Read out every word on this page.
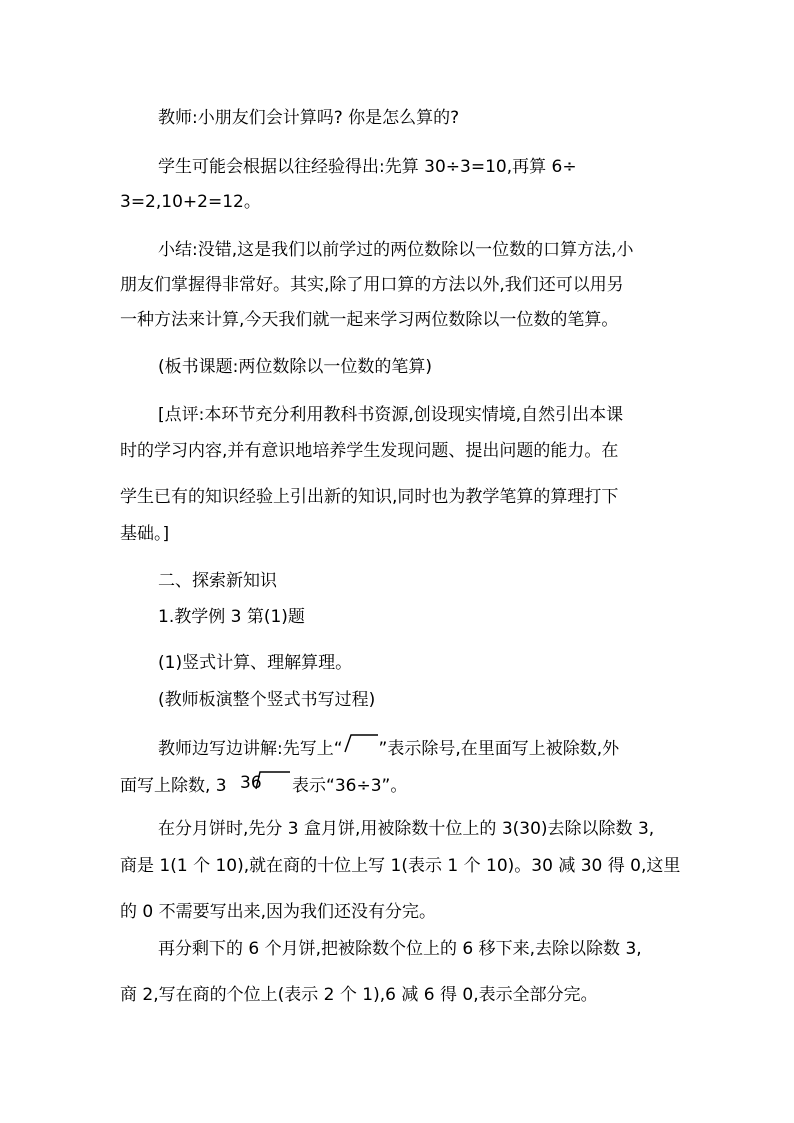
教师:小朋友们会计算吗? 你是怎么算的?
学生可能会根据以往经验得出:先算 30÷3=10,再算 6÷
3=2,10+2=12。
小结:没错,这是我们以前学过的两位数除以一位数的口算方法,小
朋友们掌握得非常好。其实,除了用口算的方法以外,我们还可以用另
一种方法来计算,今天我们就一起来学习两位数除以一位数的笔算。
(板书课题:两位数除以一位数的笔算)
[点评:本环节充分利用教科书资源,创设现实情境,自然引出本课
时的学习内容,并有意识地培养学生发现问题、提出问题的能力。在
学生已有的知识经验上引出新的知识,同时也为教学笔算的算理打下
基础。]
二、探索新知识
1.教学例 3 第(1)题
(1)竖式计算、理解算理。
(教师板演整个竖式书写过程)
教师边写边讲解:先写上“ ”表示除号,在里面写上被除数,外
面写上除数, 3 36 表示“36÷3”。
在分月饼时,先分 3 盒月饼,用被除数十位上的 3(30)去除以除数 3,
商是 1(1 个 10),就在商的十位上写 1(表示 1 个 10)。30 减 30 得 0,这里
的 0 不需要写出来,因为我们还没有分完。
再分剩下的 6 个月饼,把被除数个位上的 6 移下来,去除以除数 3,
商 2,写在商的个位上(表示 2 个 1),6 减 6 得 0,表示全部分完。
